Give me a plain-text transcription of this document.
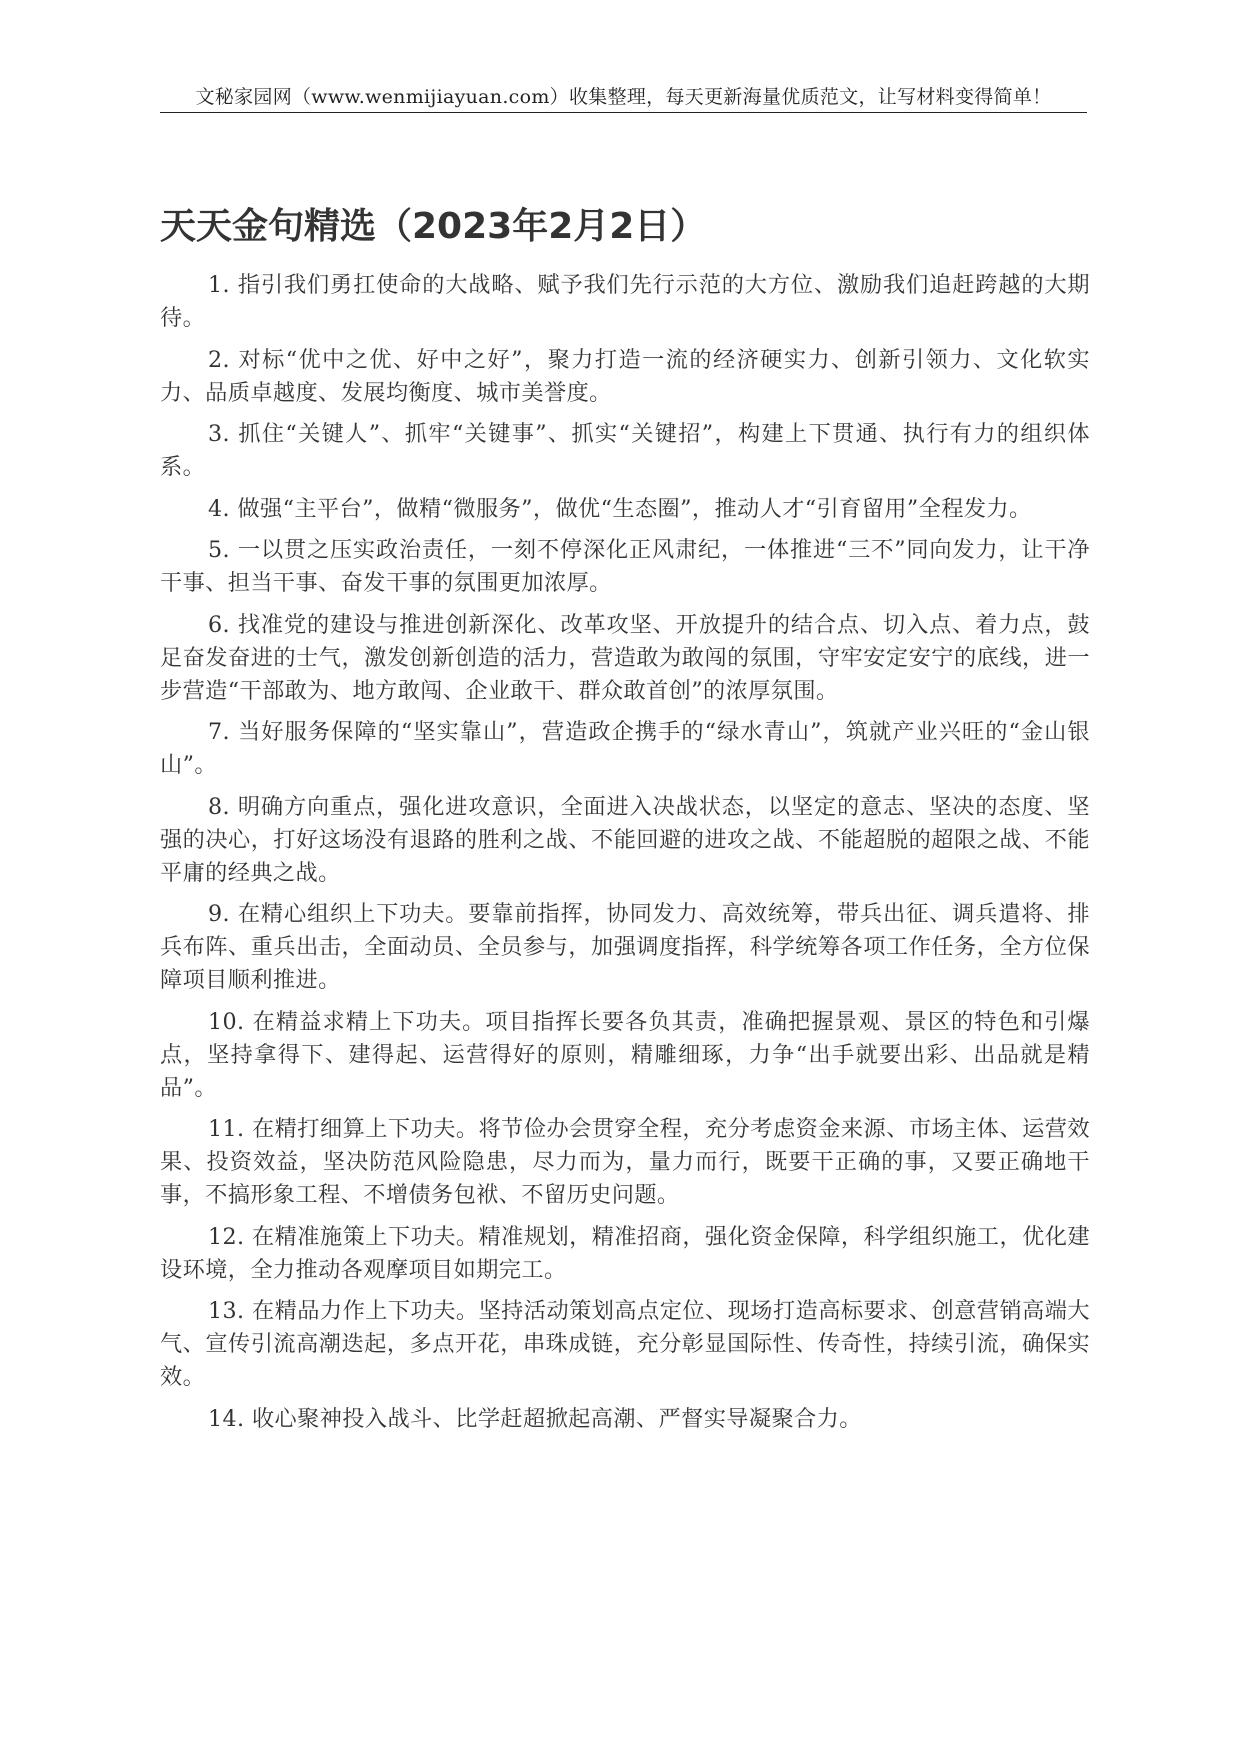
文秘家园网（www.wenmijiayuan.com）收集整理，每天更新海量优质范文，让写材料变得简单！
天天金句精选（2023年2月2日）

1. 指引我们勇扛使命的大战略、赋予我们先行示范的大方位、激励我们追赶跨越的大期待。

2. 对标“优中之优、好中之好”，聚力打造一流的经济硬实力、创新引领力、文化软实力、品质卓越度、发展均衡度、城市美誉度。

3. 抓住“关键人”、抓牢“关键事”、抓实“关键招”，构建上下贯通、执行有力的组织体系。

4. 做强“主平台”，做精“微服务”，做优“生态圈”，推动人才“引育留用”全程发力。

5. 一以贯之压实政治责任，一刻不停深化正风肃纪，一体推进“三不”同向发力，让干净干事、担当干事、奋发干事的氛围更加浓厚。

6. 找准党的建设与推进创新深化、改革攻坚、开放提升的结合点、切入点、着力点，鼓足奋发奋进的士气，激发创新创造的活力，营造敢为敢闯的氛围，守牢安定安宁的底线，进一步营造“干部敢为、地方敢闯、企业敢干、群众敢首创”的浓厚氛围。

7. 当好服务保障的“坚实靠山”，营造政企携手的“绿水青山”，筑就产业兴旺的“金山银山”。

8. 明确方向重点，强化进攻意识，全面进入决战状态，以坚定的意志、坚决的态度、坚强的决心，打好这场没有退路的胜利之战、不能回避的进攻之战、不能超脱的超限之战、不能平庸的经典之战。

9. 在精心组织上下功夫。要靠前指挥，协同发力、高效统筹，带兵出征、调兵遣将、排兵布阵、重兵出击，全面动员、全员参与，加强调度指挥，科学统筹各项工作任务，全方位保障项目顺利推进。

10. 在精益求精上下功夫。项目指挥长要各负其责，准确把握景观、景区的特色和引爆点，坚持拿得下、建得起、运营得好的原则，精雕细琢，力争“出手就要出彩、出品就是精品”。

11. 在精打细算上下功夫。将节俭办会贯穿全程，充分考虑资金来源、市场主体、运营效果、投资效益，坚决防范风险隐患，尽力而为，量力而行，既要干正确的事，又要正确地干事，不搞形象工程、不增债务包袱、不留历史问题。

12. 在精准施策上下功夫。精准规划，精准招商，强化资金保障，科学组织施工，优化建设环境，全力推动各观摩项目如期完工。

13. 在精品力作上下功夫。坚持活动策划高点定位、现场打造高标要求、创意营销高端大气、宣传引流高潮迭起，多点开花，串珠成链，充分彰显国际性、传奇性，持续引流，确保实效。

14. 收心聚神投入战斗、比学赶超掀起高潮、严督实导凝聚合力。
